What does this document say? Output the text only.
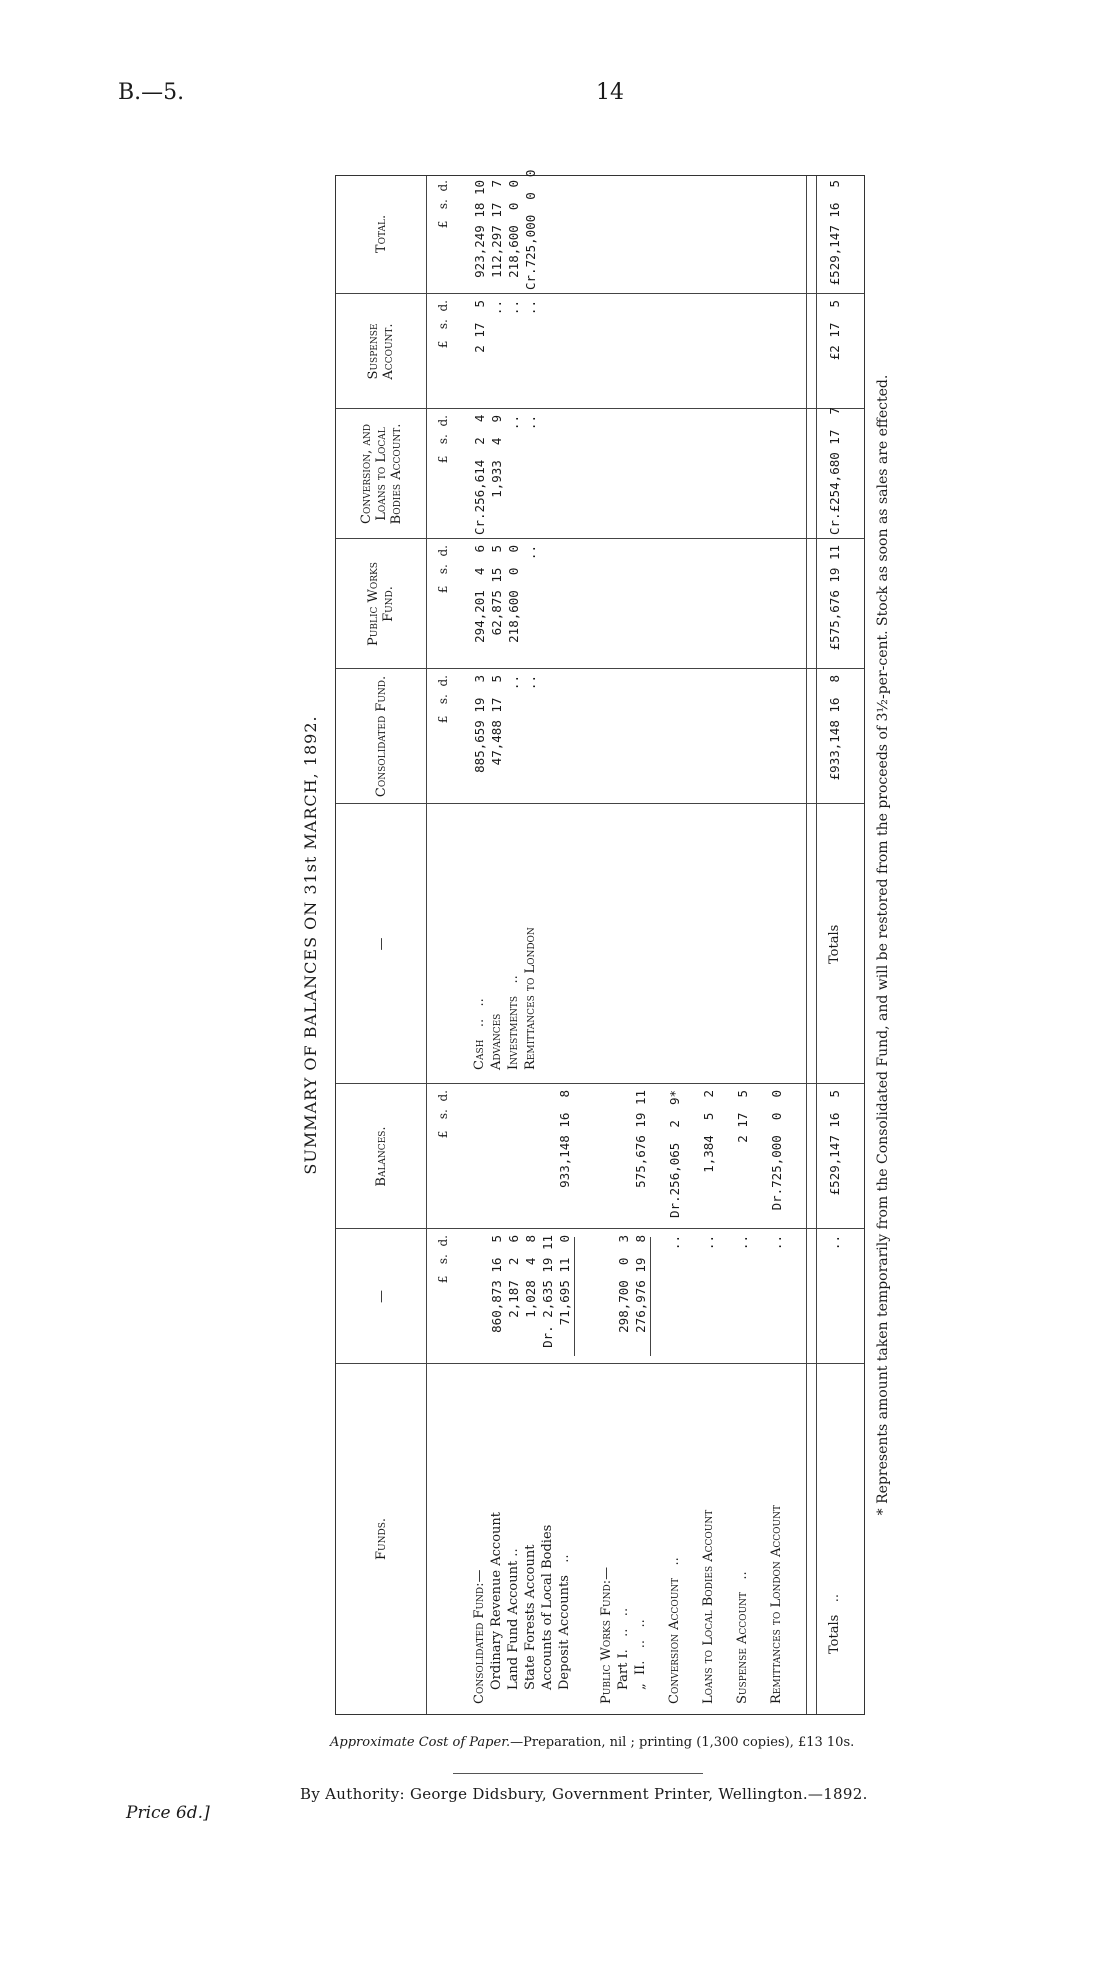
B.—5.	14
SUMMARY OF BALANCES ON 31st MARCH, 1892.
Funds.
—
Balances.
—
Consolidated Fund.
Public Works Fund.
Conversion, and Loans to Local Bodies Account.
Suspense Account.
Total.
£   s.  d.
£   s.  d.
£   s.  d.
£   s.  d.
£   s.  d.
£   s.  d.
£   s.  d.
Consolidated Fund:— Ordinary Revenue Account
860,873 16  5
Land Fund Account ..
2,187  2  6
State Forests Account
1,028  4  8
Accounts of Local Bodies
Dr. 2,635 19 11
Deposit Accounts   ..
71,695 11  0
933,148 16  8
Public Works Fund:— Part I.   ..   ..
298,700  0  3
„  II.   ..   ..
276,976 19  8
575,676 19 11
Conversion Account   ..
..
Dr.256,065  2  9*
Loans to Local Bodies Account
..
1,384  5  2
Suspense Account   ..
..
2 17  5
Remittances to London Account
..
Dr.725,000  0  0
Cash   ..   ..
885,659 19  3
294,201  4  6
Cr.256,614  2  4
2 17  5
923,249 18 10
Advances
47,488 17  5
62,875 15  5
1,933  4  9
..
112,297 17  7
Investments   ..
..
218,600  0  0
..
..
218,600  0  0
Remittances to London
..
..
..
..
Cr.725,000  0  0
Totals   ..
..
£529,147 16  5
Totals
£933,148 16  8
£575,676 19 11
Cr.£254,680 17  7
£2 17  5
£529,147 16  5
* Represents amount taken temporarily from the Consolidated Fund, and will be restored from the proceeds of 3½-per-cent. Stock as soon as sales are effected.
Approximate Cost of Paper.—Preparation, nil ; printing (1,300 copies), £13 10s.
By Authority: George Didsbury, Government Printer, Wellington.—1892.
Price 6d.]
